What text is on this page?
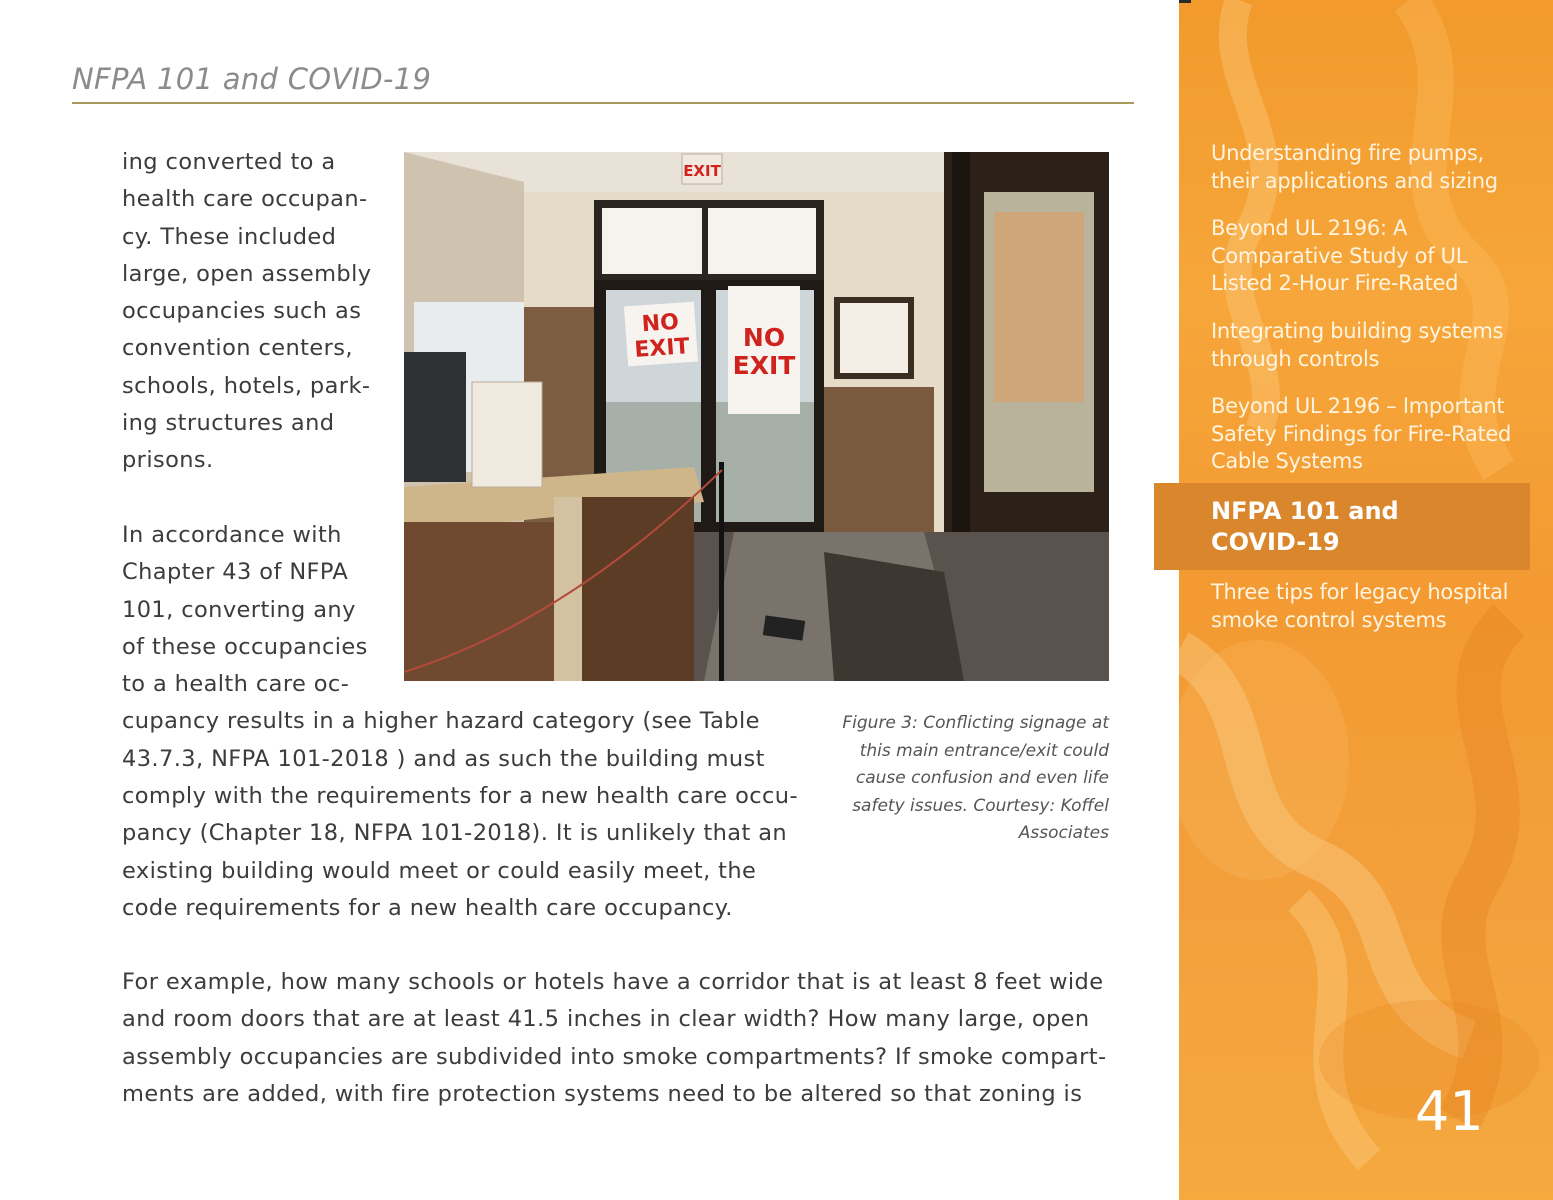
NFPA 101 and COVID-19

ing converted to a
health care occupan-
cy. These included
large, open assembly
occupancies such as
convention centers,
schools, hotels, park-
ing structures and
prisons.

In accordance with
Chapter 43 of NFPA
101, converting any
of these occupancies
to a health care oc-
cupancy results in a higher hazard category (see Table
43.7.3, NFPA 101-2018 ) and as such the building must
comply with the requirements for a new health care occu-
pancy (Chapter 18, NFPA 101-2018). It is unlikely that an
existing building would meet or could easily meet, the
code requirements for a new health care occupancy.

For example, how many schools or hotels have a corridor that is at least 8 feet wide
and room doors that are at least 41.5 inches in clear width? How many large, open
assembly occupancies are subdivided into smoke compartments? If smoke compart-
ments are added, with fire protection systems need to be altered so that zoning is

EXIT
NO
EXIT NO
EXIT

Figure 3: Conflicting signage at
this main entrance/exit could
cause confusion and even life
safety issues. Courtesy: Koffel
Associates

Understanding fire pumps,
their applications and sizing

Beyond UL 2196: A
Comparative Study of UL
Listed 2-Hour Fire-Rated

Integrating building systems
through controls

Beyond UL 2196 – Important
Safety Findings for Fire-Rated
Cable Systems

NFPA 101 and
COVID-19

Three tips for legacy hospital
smoke control systems

41
